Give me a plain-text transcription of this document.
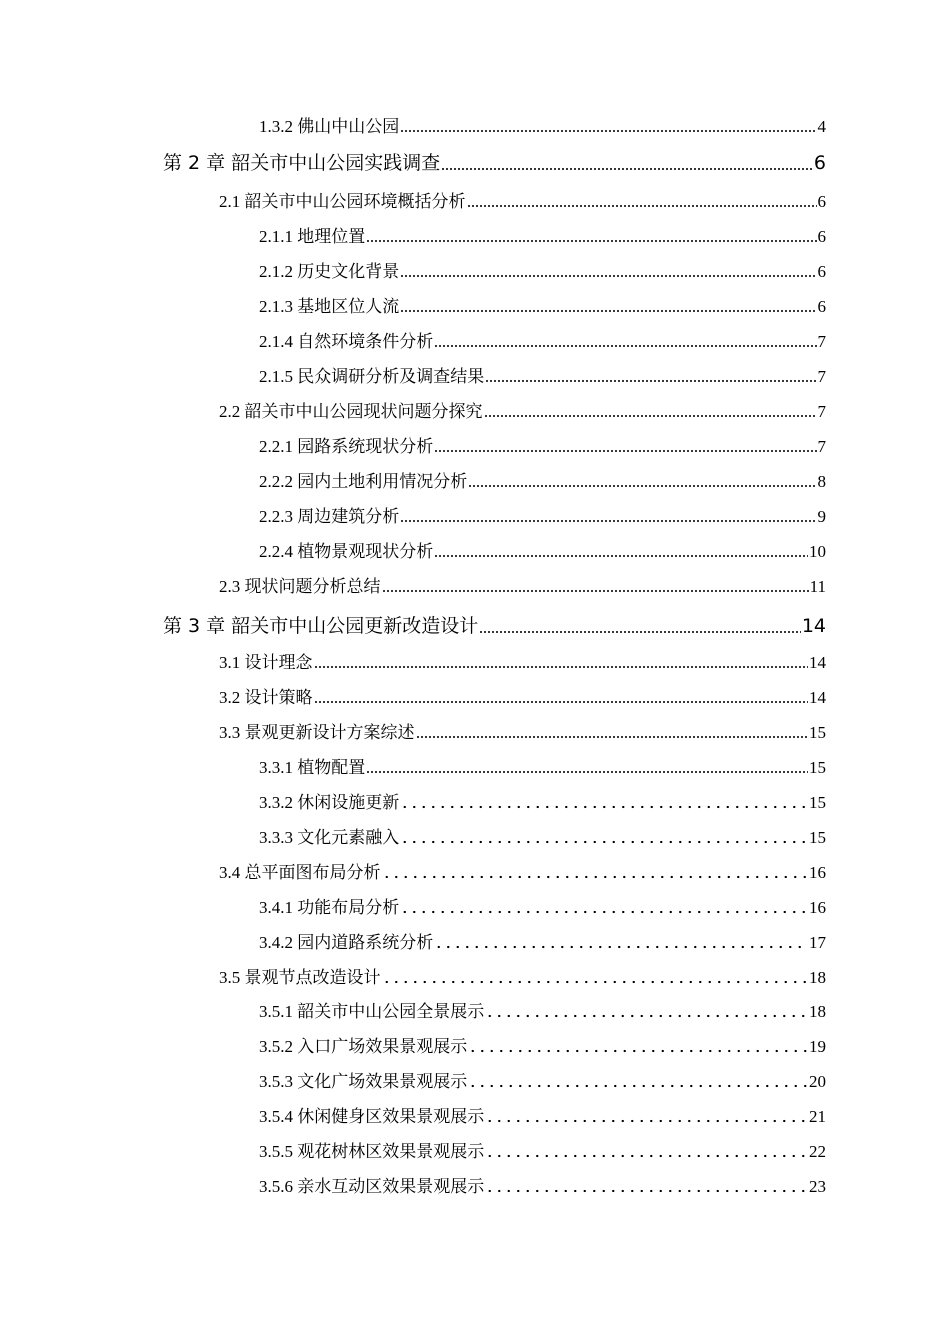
1.3.2 佛山中山公园	4
第 2 章 韶关市中山公园实践调查	6
2.1 韶关市中山公园环境概括分析	6
2.1.1 地理位置	6
2.1.2 历史文化背景	6
2.1.3 基地区位人流	6
2.1.4 自然环境条件分析	7
2.1.5 民众调研分析及调查结果	7
2.2 韶关市中山公园现状问题分探究	7
2.2.1 园路系统现状分析	7
2.2.2 园内土地利用情况分析	8
2.2.3 周边建筑分析	9
2.2.4 植物景观现状分析	10
2.3 现状问题分析总结	11
第 3 章 韶关市中山公园更新改造设计	14
3.1 设计理念	14
3.2 设计策略	14
3.3 景观更新设计方案综述	15
3.3.1 植物配置	15
3.3.2 休闲设施更新	15
3.3.3 文化元素融入	15
3.4 总平面图布局分析	16
3.4.1 功能布局分析	16
3.4.2 园内道路系统分析	17
3.5 景观节点改造设计	18
3.5.1 韶关市中山公园全景展示	18
3.5.2 入口广场效果景观展示	19
3.5.3 文化广场效果景观展示	20
3.5.4 休闲健身区效果景观展示	21
3.5.5 观花树林区效果景观展示	22
3.5.6 亲水互动区效果景观展示	23
